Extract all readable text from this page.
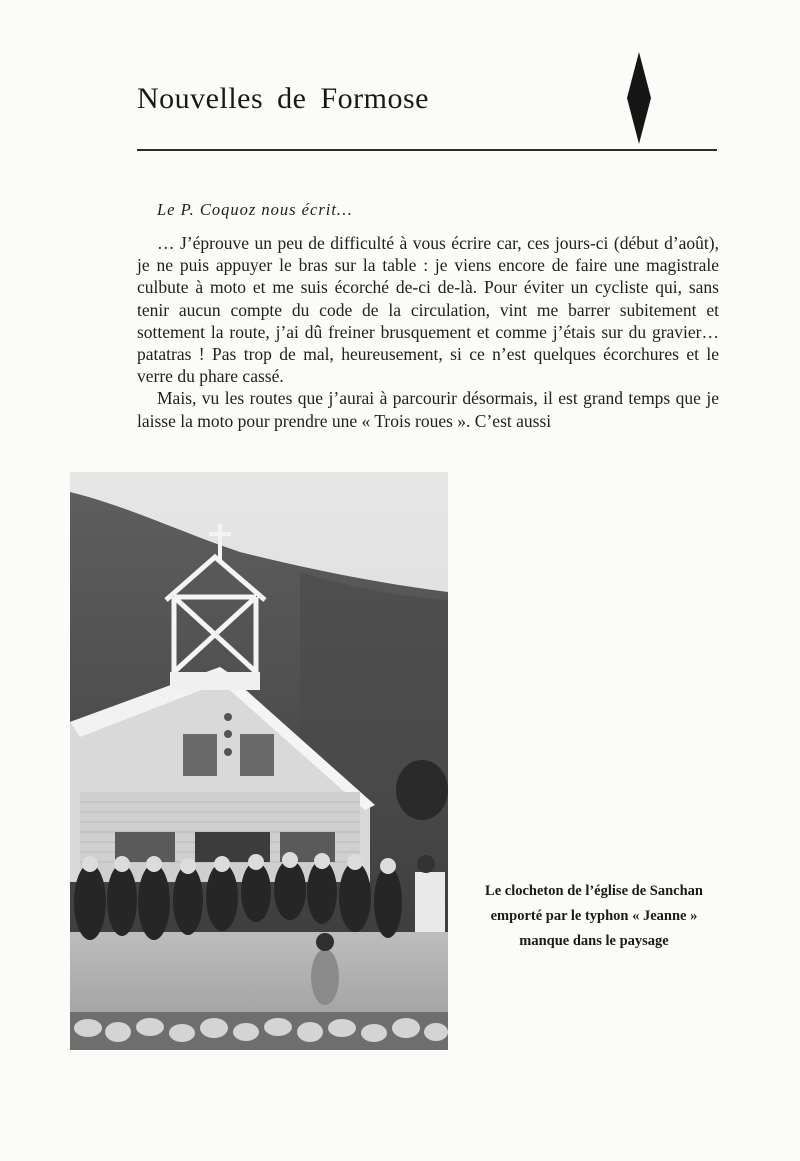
Nouvelles de Formose
Le P. Coquoz nous écrit…

… J’éprouve un peu de difficulté à vous écrire car, ces jours-ci (début d’août), je ne puis appuyer le bras sur la table : je viens encore de faire une magistrale culbute à moto et me suis écorché de-ci de-là. Pour éviter un cycliste qui, sans tenir aucun compte du code de la circulation, vint me barrer subitement et sottement la route, j’ai dû freiner brusquement et comme j’étais sur du gravier… patatras ! Pas trop de mal, heureusement, si ce n’est quelques écorchures et le verre du phare cassé.

Mais, vu les routes que j’aurai à parcourir désormais, il est grand temps que je laisse la moto pour prendre une « Trois roues ». C’est aussi

Le clocheton de l’église de Sanchan
emporté par le typhon « Jeanne »
manque dans le paysage
